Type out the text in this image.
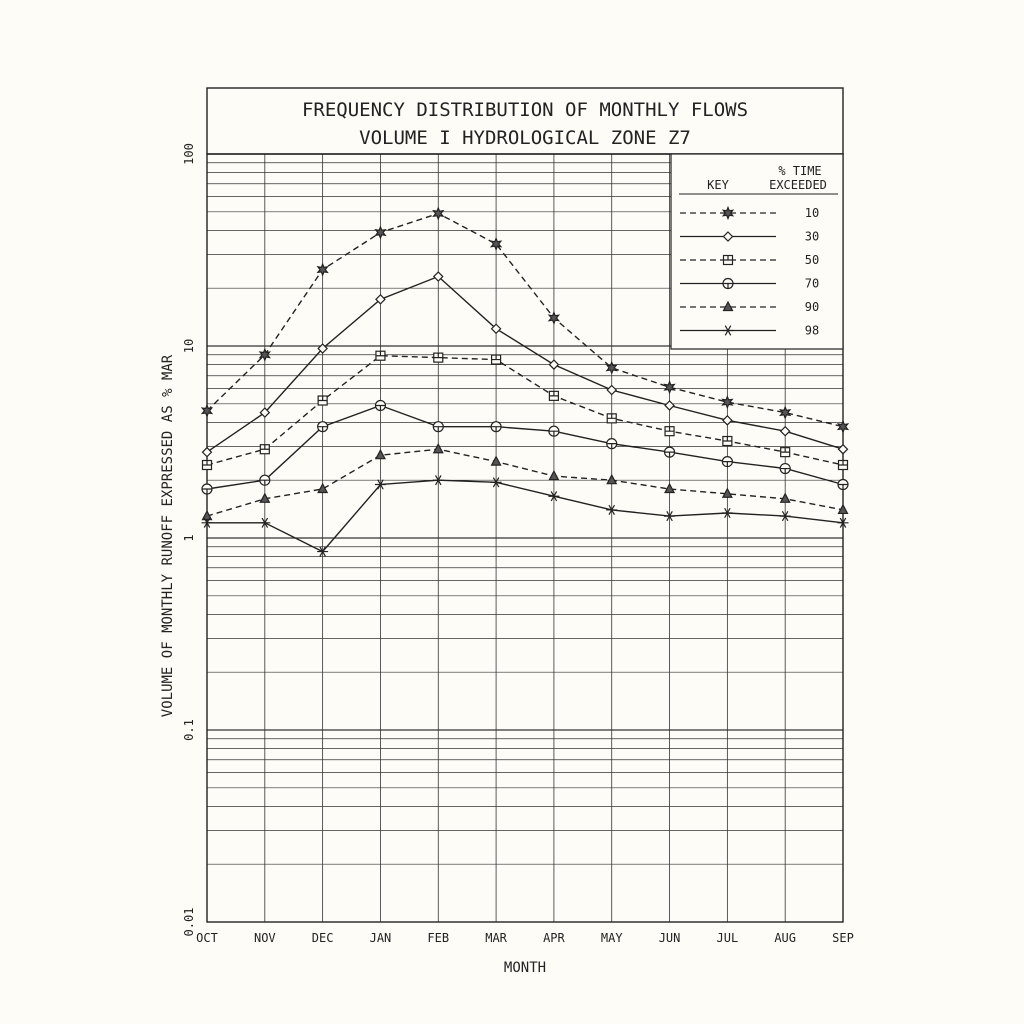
FREQUENCY DISTRIBUTION OF MONTHLY FLOWS
VOLUME I HYDROLOGICAL ZONE Z7
MONTH
VOLUME OF MONTHLY RUNOFF EXPRESSED AS % MAR
OCT	NOV	DEC	JAN	FEB	MAR	APR	MAY	JUN	JUL	AUG	SEP
100
10
1
0.1
0.01
KEY
% TIME
EXCEEDED
10
30
50
70
90
98
